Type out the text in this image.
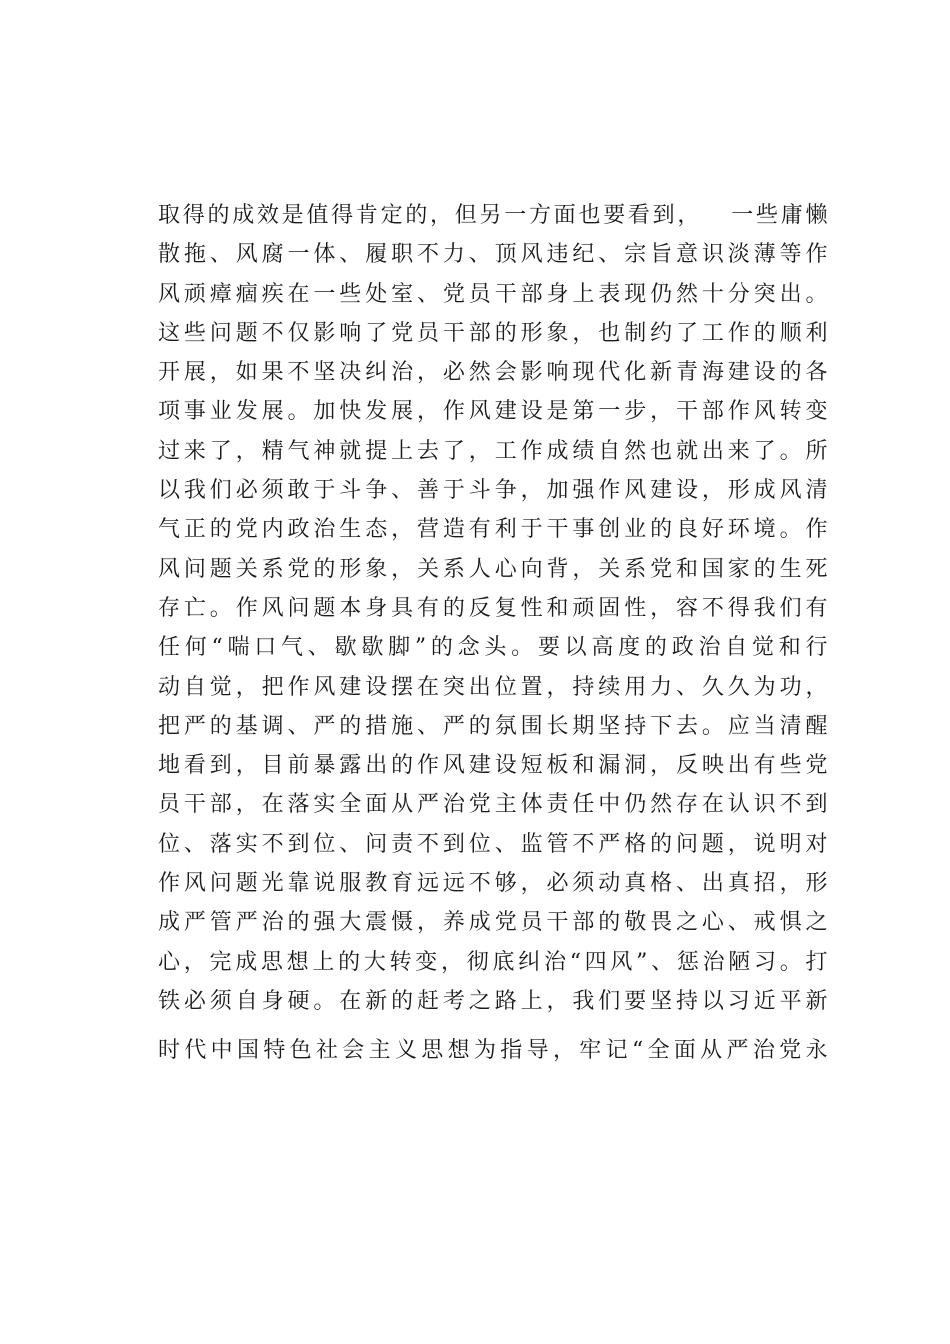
取得的成效是值得肯定的，但另一方面也要看到，   一些庸懒
散拖、风腐一体、履职不力、顶风违纪、宗旨意识淡薄等作
风顽瘴痼疾在一些处室、党员干部身上表现仍然十分突出。
这些问题不仅影响了党员干部的形象，也制约了工作的顺利
开展，如果不坚决纠治，必然会影响现代化新青海建设的各
项事业发展。加快发展，作风建设是第一步，干部作风转变
过来了，精气神就提上去了，工作成绩自然也就出来了。所
以我们必须敢于斗争、善于斗争，加强作风建设，形成风清
气正的党内政治生态，营造有利于干事创业的良好环境。作
风问题关系党的形象，关系人心向背，关系党和国家的生死
存亡。作风问题本身具有的反复性和顽固性，容不得我们有
任何“喘口气、歇歇脚”的念头。要以高度的政治自觉和行
动自觉，把作风建设摆在突出位置，持续用力、久久为功，
把严的基调、严的措施、严的氛围长期坚持下去。应当清醒
地看到，目前暴露出的作风建设短板和漏洞，反映出有些党
员干部，在落实全面从严治党主体责任中仍然存在认识不到
位、落实不到位、问责不到位、监管不严格的问题，说明对
作风问题光靠说服教育远远不够，必须动真格、出真招，形
成严管严治的强大震慑，养成党员干部的敬畏之心、戒惧之
心，完成思想上的大转变，彻底纠治“四风”、惩治陋习。打
铁必须自身硬。在新的赶考之路上，我们要坚持以习近平新
时代中国特色社会主义思想为指导，牢记“全面从严治党永
